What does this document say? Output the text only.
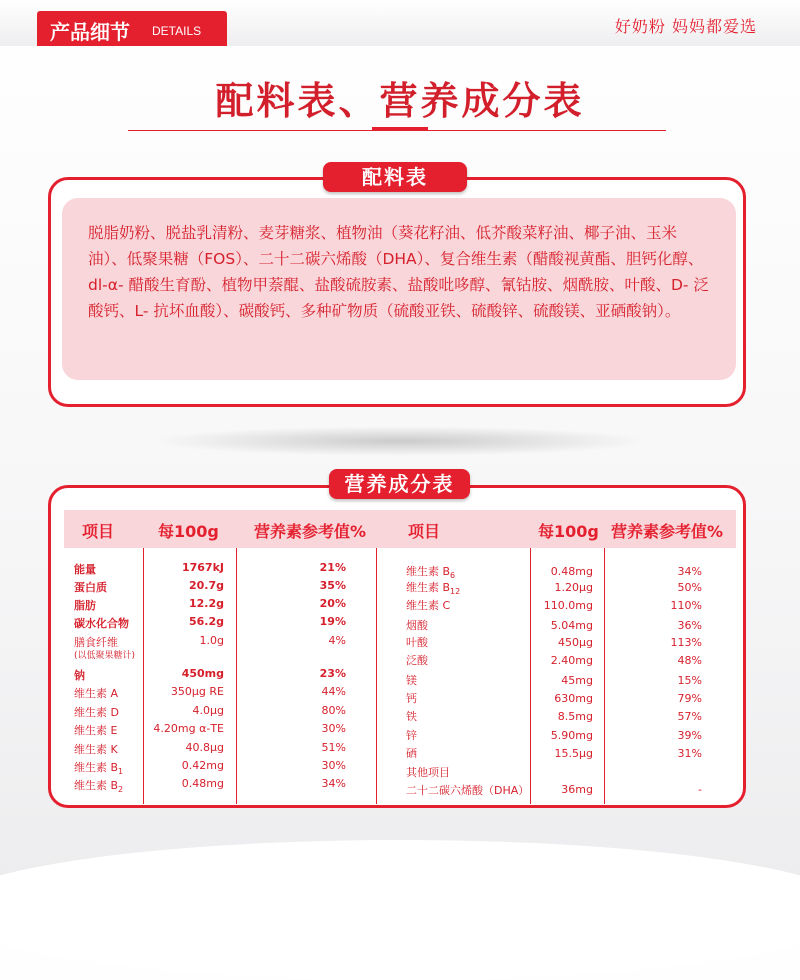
产品细节 DETAILS	好奶粉 妈妈都爱选
配料表、营养成分表
配料表
脱脂奶粉、脱盐乳清粉、麦芽糖浆、植物油（葵花籽油、低芥酸菜籽油、椰子油、玉米油）、低聚果糖（FOS）、二十二碳六烯酸（DHA）、复合维生素（醋酸视黄酯、胆钙化醇、dl-α- 醋酸生育酚、植物甲萘醌、盐酸硫胺素、盐酸吡哆醇、氰钴胺、烟酰胺、叶酸、D- 泛酸钙、L- 抗坏血酸）、碳酸钙、多种矿物质（硫酸亚铁、硫酸锌、硫酸镁、亚硒酸钠）。
营养成分表
项目	每100g 营养素参考值%	项目	每100g 营养素参考值%
能量	1767kJ	21%
蛋白质	20.7g	35%
脂肪	12.2g	20%
碳水化合物	56.2g	19%
膳食纤维	1.0g	4%
(以低聚果糖计)
钠	450mg	23%
维生素 A	350μg RE	44%
维生素 D	4.0μg	80%
维生素 E	4.20mg α-TE	30%
维生素 K	40.8μg	51%
维生素 $B_1$	0.42mg	30%
维生素 $B_2$	0.48mg	34%
维生素 $B_6$	0.48mg	34%
维生素 $B_{12}$	1.20μg	50%
维生素 C	110.0mg	110%
烟酸	5.04mg	36%
叶酸	450μg	113%
泛酸	2.40mg	48%
镁	45mg	15%
钙	630mg	79%
铁	8.5mg	57%
锌	5.90mg	39%
硒	15.5μg	31%
其他项目
二十二碳六烯酸（DHA）	36mg	-
